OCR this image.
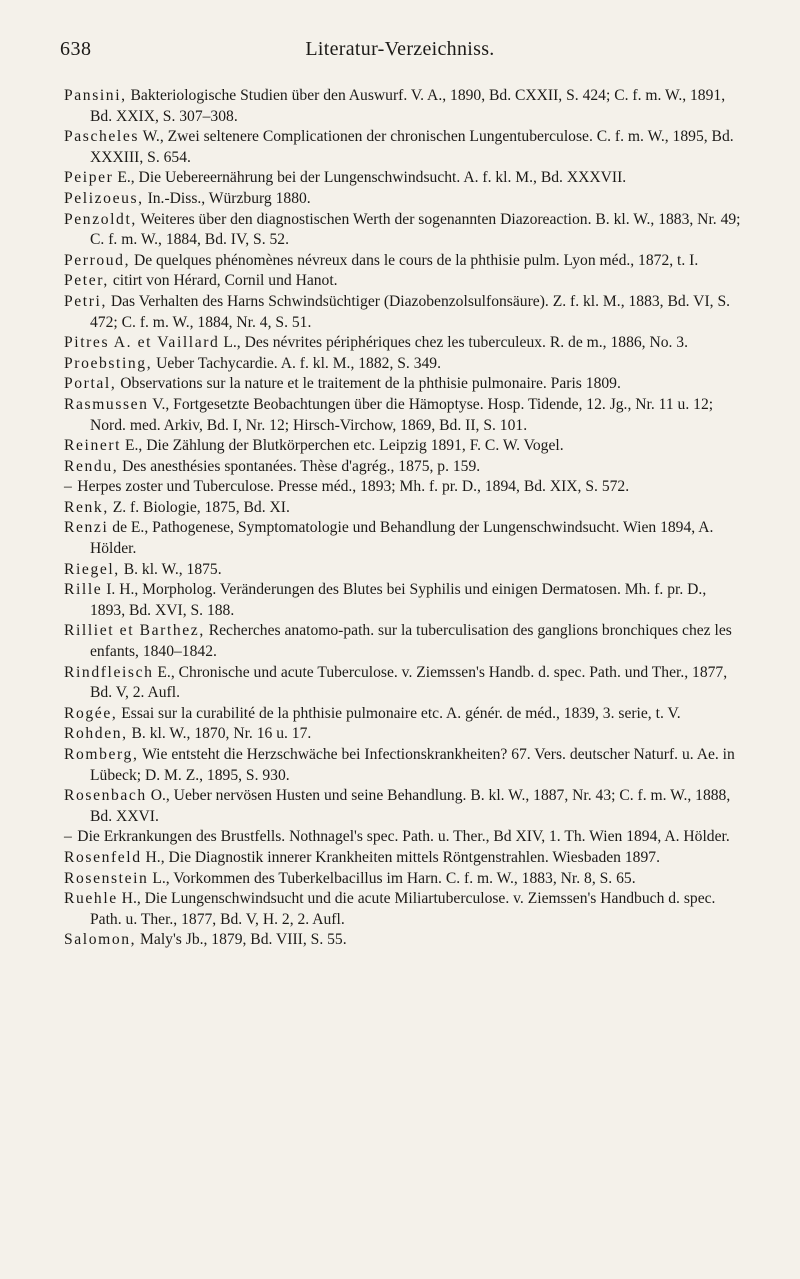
638	Literatur-Verzeichniss.
Pansini, Bakteriologische Studien über den Auswurf. V. A., 1890, Bd. CXXII, S. 424; C. f. m. W., 1891, Bd. XXIX, S. 307–308.
Pascheles W., Zwei seltenere Complicationen der chronischen Lungentuberculose. C. f. m. W., 1895, Bd. XXXIII, S. 654.
Peiper E., Die Uebereernährung bei der Lungenschwindsucht. A. f. kl. M., Bd. XXXVII.
Pelizoeus, In.-Diss., Würzburg 1880.
Penzoldt, Weiteres über den diagnostischen Werth der sogenannten Diazoreaction. B. kl. W., 1883, Nr. 49; C. f. m. W., 1884, Bd. IV, S. 52.
Perroud, De quelques phénomènes névreux dans le cours de la phthisie pulm. Lyon méd., 1872, t. I.
Peter, citirt von Hérard, Cornil und Hanot.
Petri, Das Verhalten des Harns Schwindsüchtiger (Diazobenzolsulfonsäure). Z. f. kl. M., 1883, Bd. VI, S. 472; C. f. m. W., 1884, Nr. 4, S. 51.
Pitres A. et Vaillard L., Des névrites périphériques chez les tuberculeux. R. de m., 1886, No. 3.
Proebsting, Ueber Tachycardie. A. f. kl. M., 1882, S. 349.
Portal, Observations sur la nature et le traitement de la phthisie pulmonaire. Paris 1809.
Rasmussen V., Fortgesetzte Beobachtungen über die Hämoptyse. Hosp. Tidende, 12. Jg., Nr. 11 u. 12; Nord. med. Arkiv, Bd. I, Nr. 12; Hirsch-Virchow, 1869, Bd. II, S. 101.
Reinert E., Die Zählung der Blutkörperchen etc. Leipzig 1891, F. C. W. Vogel.
Rendu, Des anesthésies spontanées. Thèse d'agrég., 1875, p. 159.
– Herpes zoster und Tuberculose. Presse méd., 1893; Mh. f. pr. D., 1894, Bd. XIX, S. 572.
Renk, Z. f. Biologie, 1875, Bd. XI.
Renzi de E., Pathogenese, Symptomatologie und Behandlung der Lungenschwindsucht. Wien 1894, A. Hölder.
Riegel, B. kl. W., 1875.
Rille I. H., Morpholog. Veränderungen des Blutes bei Syphilis und einigen Dermatosen. Mh. f. pr. D., 1893, Bd. XVI, S. 188.
Rilliet et Barthez, Recherches anatomo-path. sur la tuberculisation des ganglions bronchiques chez les enfants, 1840–1842.
Rindfleisch E., Chronische und acute Tuberculose. v. Ziemssen's Handb. d. spec. Path. und Ther., 1877, Bd. V, 2. Aufl.
Rogée, Essai sur la curabilité de la phthisie pulmonaire etc. A. génér. de méd., 1839, 3. serie, t. V.
Rohden, B. kl. W., 1870, Nr. 16 u. 17.
Romberg, Wie entsteht die Herzschwäche bei Infectionskrankheiten? 67. Vers. deutscher Naturf. u. Ae. in Lübeck; D. M. Z., 1895, S. 930.
Rosenbach O., Ueber nervösen Husten und seine Behandlung. B. kl. W., 1887, Nr. 43; C. f. m. W., 1888, Bd. XXVI.
– Die Erkrankungen des Brustfells. Nothnagel's spec. Path. u. Ther., Bd XIV, 1. Th. Wien 1894, A. Hölder.
Rosenfeld H., Die Diagnostik innerer Krankheiten mittels Röntgenstrahlen. Wiesbaden 1897.
Rosenstein L., Vorkommen des Tuberkelbacillus im Harn. C. f. m. W., 1883, Nr. 8, S. 65.
Ruehle H., Die Lungenschwindsucht und die acute Miliartuberculose. v. Ziemssen's Handbuch d. spec. Path. u. Ther., 1877, Bd. V, H. 2, 2. Aufl.
Salomon, Maly's Jb., 1879, Bd. VIII, S. 55.
